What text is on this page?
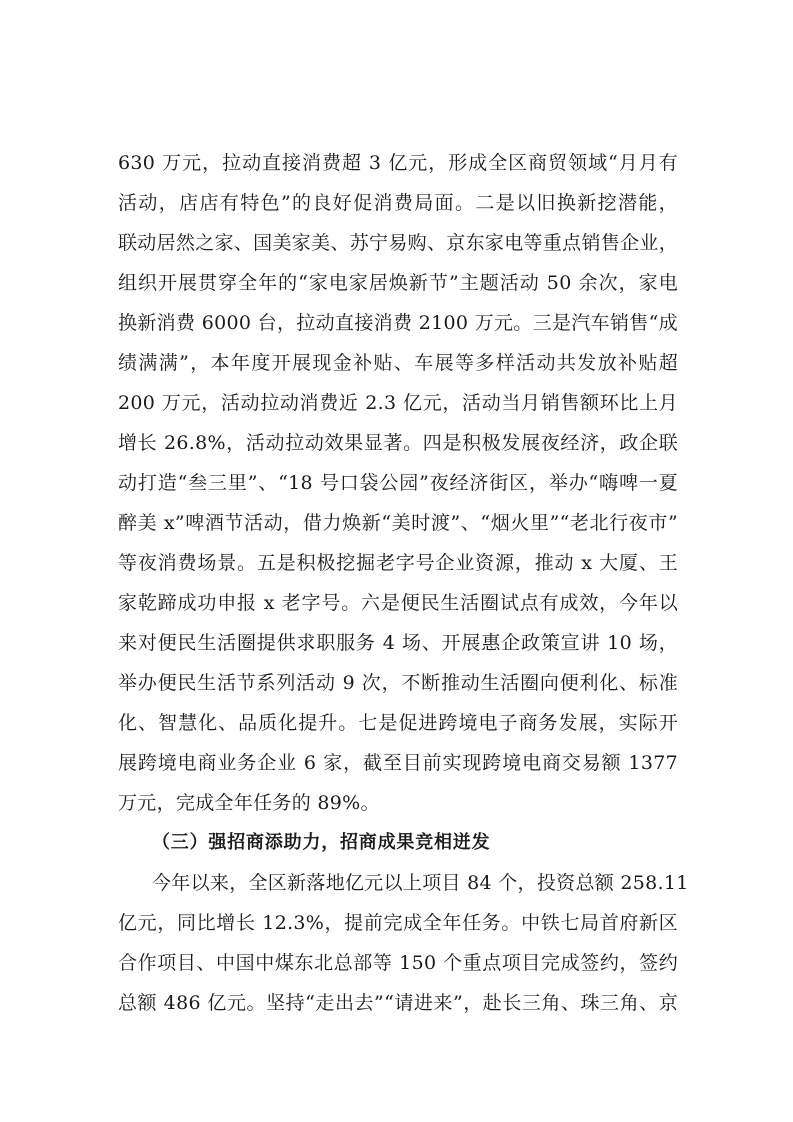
630 万元，拉动直接消费超 3 亿元，形成全区商贸领域“月月有
活动，店店有特色”的良好促消费局面。二是以旧换新挖潜能，
联动居然之家、国美家美、苏宁易购、京东家电等重点销售企业，
组织开展贯穿全年的“家电家居焕新节”主题活动 50 余次，家电
换新消费 6000 台，拉动直接消费 2100 万元。三是汽车销售“成
绩满满”，本年度开展现金补贴、车展等多样活动共发放补贴超
200 万元，活动拉动消费近 2.3 亿元，活动当月销售额环比上月
增长 26.8%，活动拉动效果显著。四是积极发展夜经济，政企联
动打造“叁三里”、“18 号口袋公园”夜经济街区，举办“嗨啤一夏
醉美 x”啤酒节活动，借力焕新“美时渡”、“烟火里”“老北行夜市”
等夜消费场景。五是积极挖掘老字号企业资源，推动 x 大厦、王
家乾蹄成功申报 x 老字号。六是便民生活圈试点有成效，今年以
来对便民生活圈提供求职服务 4 场、开展惠企政策宣讲 10 场，
举办便民生活节系列活动 9 次，不断推动生活圈向便利化、标准
化、智慧化、品质化提升。七是促进跨境电子商务发展，实际开
展跨境电商业务企业 6 家，截至目前实现跨境电商交易额 1377
万元，完成全年任务的 89%。
（三）强招商添助力，招商成果竞相迸发
今年以来，全区新落地亿元以上项目 84 个，投资总额 258.11
亿元，同比增长 12.3%，提前完成全年任务。中铁七局首府新区
合作项目、中国中煤东北总部等 150 个重点项目完成签约，签约
总额 486 亿元。坚持“走出去”“请进来”，赴长三角、珠三角、京
